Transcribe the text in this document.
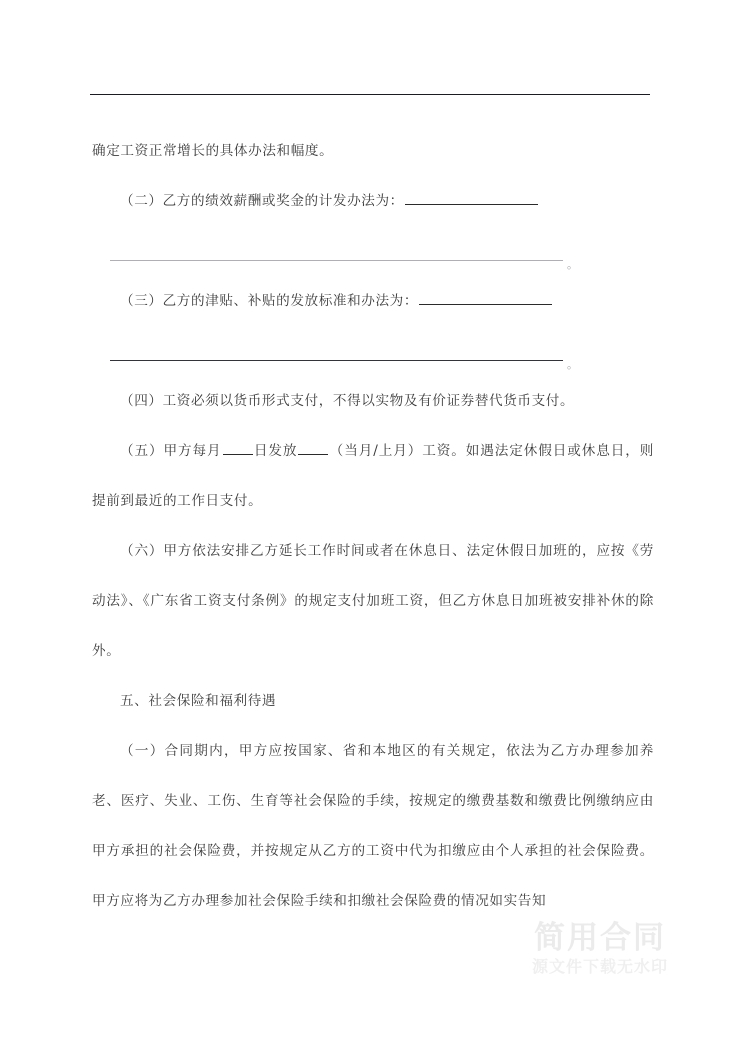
确定工资正常增长的具体办法和幅度。

（二）乙方的绩效薪酬或奖金的计发办法为：

。

（三）乙方的津贴、补贴的发放标准和办法为：

。

（四）工资必须以货币形式支付，不得以实物及有价证券替代货币支付。

（五）甲方每月 日发放 （当月/上月）工资。如遇法定休假日或休息日，则提前到最近的工作日支付。

（六）甲方依法安排乙方延长工作时间或者在休息日、法定休假日加班的，应按《劳动法》、《广东省工资支付条例》的规定支付加班工资，但乙方休息日加班被安排补休的除外。

五、社会保险和福利待遇

（一）合同期内，甲方应按国家、省和本地区的有关规定，依法为乙方办理参加养老、医疗、失业、工伤、生育等社会保险的手续，按规定的缴费基数和缴费比例缴纳应由甲方承担的社会保险费，并按规定从乙方的工资中代为扣缴应由个人承担的社会保险费。甲方应将为乙方办理参加社会保险手续和扣缴社会保险费的情况如实告知

简用合同
源文件下载无水印
